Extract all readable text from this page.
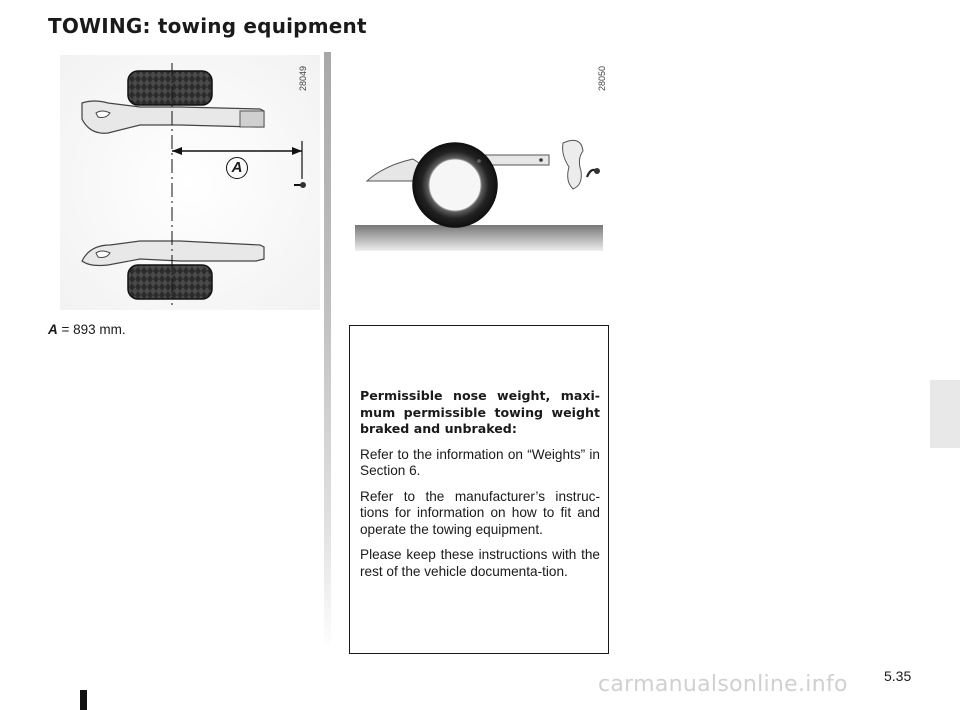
TOWING: towing equipment
A
28049	28050
A = 893 mm.

Permissible nose weight, maxi-mum permissible towing weight braked and unbraked:

Refer to the information on “Weights” in Section 6.

Refer to the manufacturer’s instruc-tions for information on how to fit and operate the towing equipment.

Please keep these instructions with the rest of the vehicle documenta-tion.

5.35
carmanualsonline.info
